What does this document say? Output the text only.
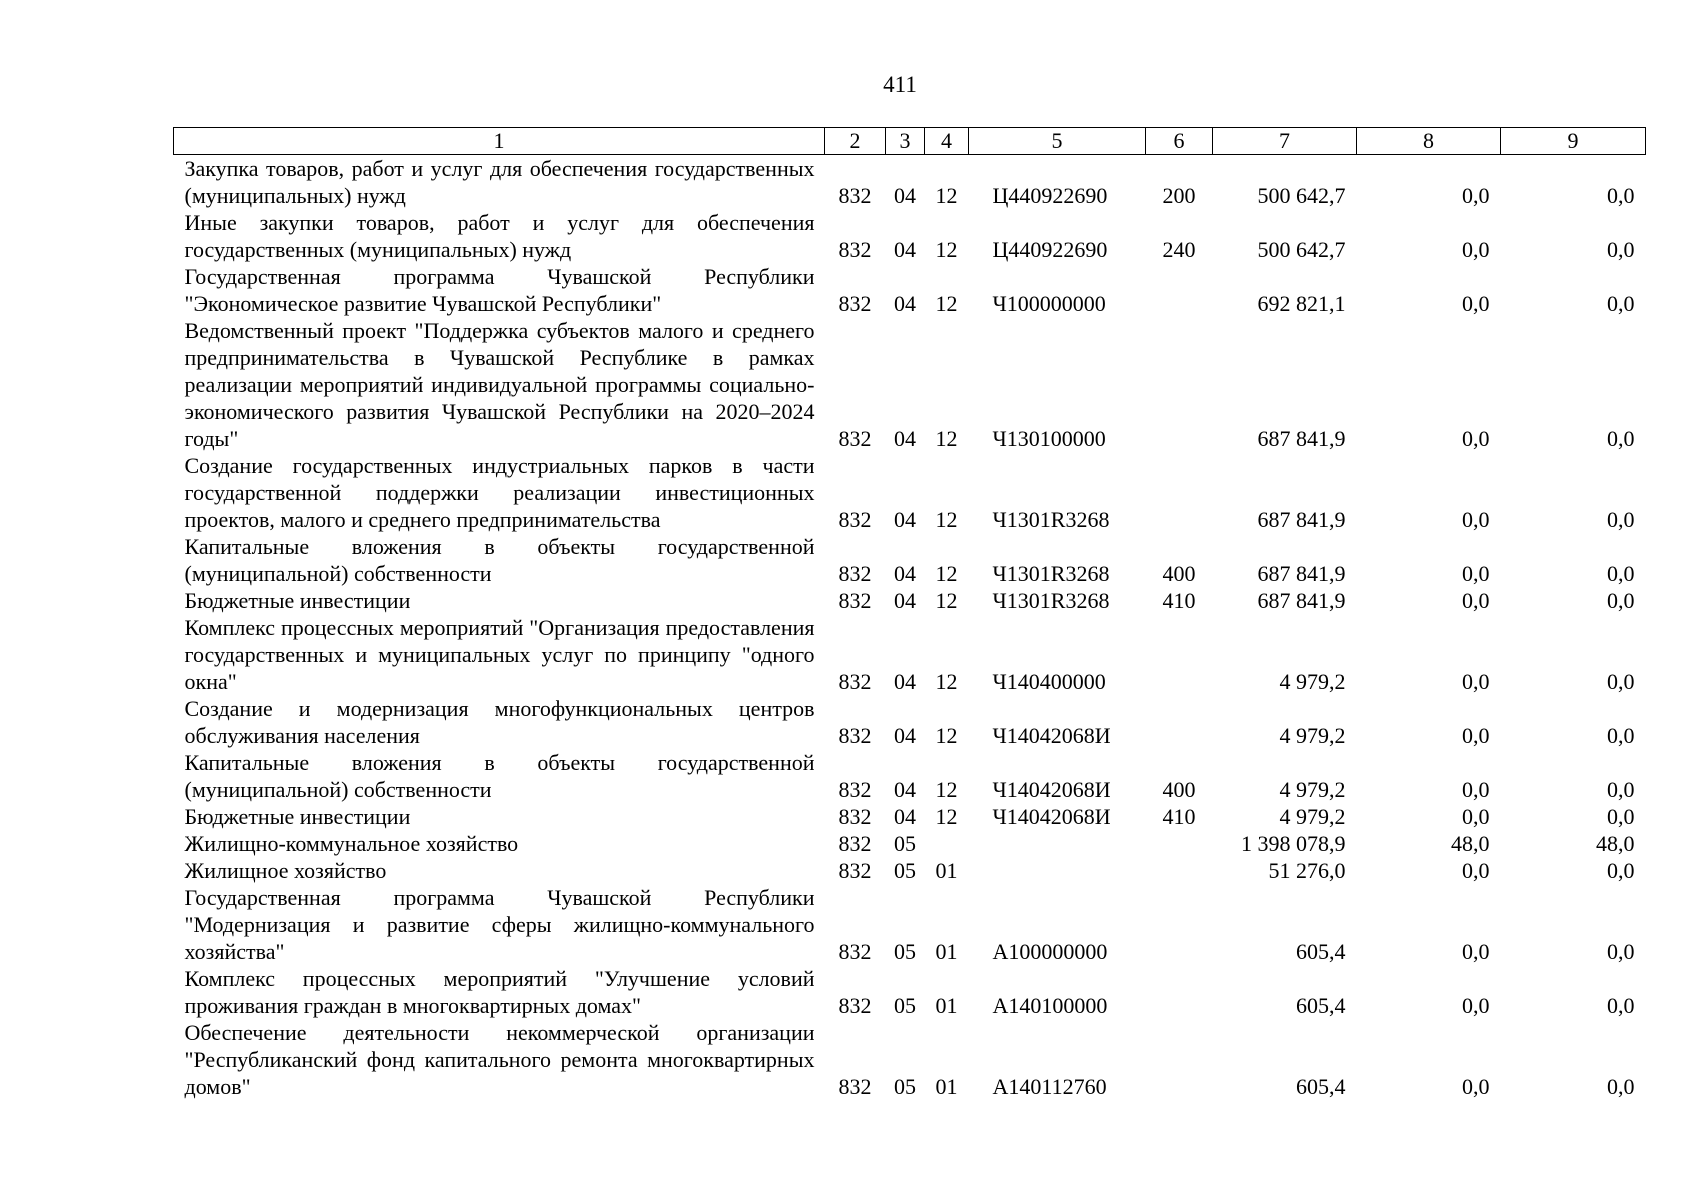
411
1	2	3	4	5	6	7	8	9

Закупка товаров, работ и услуг для обеспечения государственных (муниципальных) нужд	832	04	12	Ц440922690	200	500 642,7	0,0	0,0

Иные закупки товаров, работ и услуг для обеспечения государственных (муниципальных) нужд	832	04	12	Ц440922690	240	500 642,7	0,0	0,0

Государственная программа Чувашской Республики "Экономическое развитие Чувашской Республики"	832	04	12	Ч100000000		692 821,1	0,0	0,0

Ведомственный проект "Поддержка субъектов малого и среднего предпринимательства в Чувашской Республике в рамках реализации мероприятий индивидуальной программы социально-экономического развития Чувашской Республики на 2020–2024 годы"	832	04	12	Ч130100000		687 841,9	0,0	0,0

Создание государственных индустриальных парков в части государственной поддержки реализации инвестиционных проектов, малого и среднего предпринимательства	832	04	12	Ч1301R3268		687 841,9	0,0	0,0

Капитальные вложения в объекты государственной (муниципальной) собственности	832	04	12	Ч1301R3268	400	687 841,9	0,0	0,0

Бюджетные инвестиции	832	04	12	Ч1301R3268	410	687 841,9	0,0	0,0

Комплекс процессных мероприятий "Организация предоставления государственных и муниципальных услуг по принципу "одного окна"	832	04	12	Ч140400000		4 979,2	0,0	0,0

Создание и модернизация многофункциональных центров обслуживания населения	832	04	12	Ч14042068И		4 979,2	0,0	0,0

Капитальные вложения в объекты государственной (муниципальной) собственности	832	04	12	Ч14042068И	400	4 979,2	0,0	0,0

Бюджетные инвестиции	832	04	12	Ч14042068И	410	4 979,2	0,0	0,0

Жилищно-коммунальное хозяйство	832	05				1 398 078,9	48,0	48,0

Жилищное хозяйство	832	05	01			51 276,0	0,0	0,0

Государственная программа Чувашской Республики "Модернизация и развитие сферы жилищно-коммунального хозяйства"	832	05	01	А100000000		605,4	0,0	0,0

Комплекс процессных мероприятий "Улучшение условий проживания граждан в многоквартирных домах"	832	05	01	А140100000		605,4	0,0	0,0

Обеспечение деятельности некоммерческой организации "Республиканский фонд капитального ремонта многоквартирных домов"	832	05	01	А140112760		605,4	0,0	0,0
